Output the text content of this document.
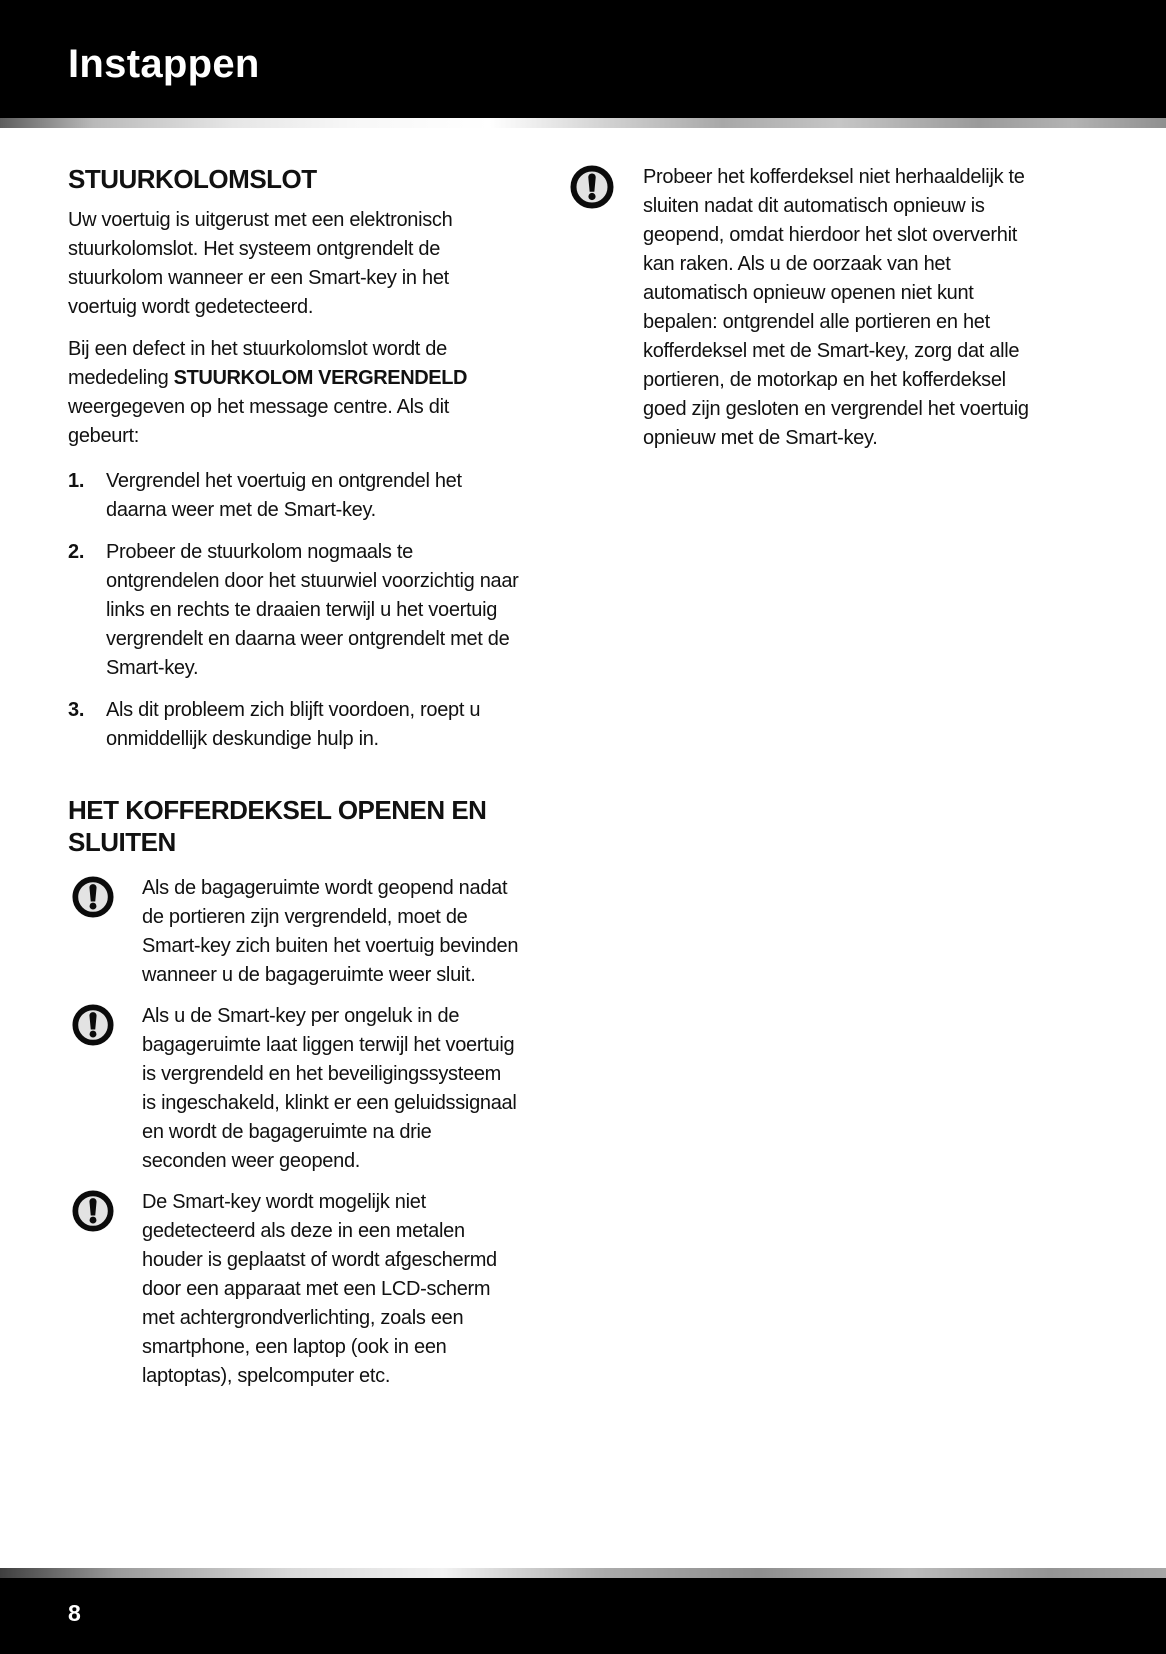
Instappen
STUURKOLOMSLOT

Uw voertuig is uitgerust met een elektronisch stuurkolomslot. Het systeem ontgrendelt de stuurkolom wanneer er een Smart-key in het voertuig wordt gedetecteerd.

Bij een defect in het stuurkolomslot wordt de mededeling STUURKOLOM VERGRENDELD weergegeven op het message centre. Als dit gebeurt:

1.	Vergrendel het voertuig en ontgrendel het daarna weer met de Smart-key.
2.	Probeer de stuurkolom nogmaals te ontgrendelen door het stuurwiel voorzichtig naar links en rechts te draaien terwijl u het voertuig vergrendelt en daarna weer ontgrendelt met de Smart-key.
3.	Als dit probleem zich blijft voordoen, roept u onmiddellijk deskundige hulp in.
HET KOFFERDEKSEL OPENEN EN SLUITEN
Als de bagageruimte wordt geopend nadat de portieren zijn vergrendeld, moet de Smart-key zich buiten het voertuig bevinden wanneer u de bagageruimte weer sluit.
Als u de Smart-key per ongeluk in de bagageruimte laat liggen terwijl het voertuig is vergrendeld en het beveiligingssysteem is ingeschakeld, klinkt er een geluidssignaal en wordt de bagageruimte na drie seconden weer geopend.
De Smart-key wordt mogelijk niet gedetecteerd als deze in een metalen houder is geplaatst of wordt afgeschermd door een apparaat met een LCD-scherm met achtergrondverlichting, zoals een smartphone, een laptop (ook in een laptoptas), spelcomputer etc.
Probeer het kofferdeksel niet herhaaldelijk te sluiten nadat dit automatisch opnieuw is geopend, omdat hierdoor het slot oververhit kan raken. Als u de oorzaak van het automatisch opnieuw openen niet kunt bepalen: ontgrendel alle portieren en het kofferdeksel met de Smart-key, zorg dat alle portieren, de motorkap en het kofferdeksel goed zijn gesloten en vergrendel het voertuig opnieuw met de Smart-key.
8
